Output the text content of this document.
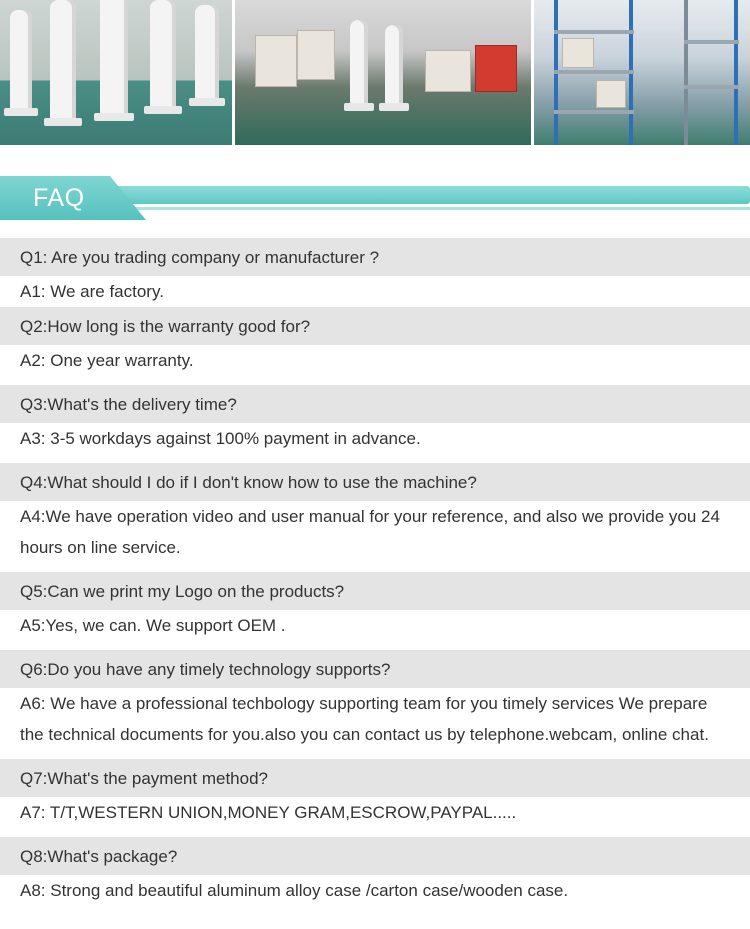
FAQ
Q1: Are you trading company or manufacturer ?
A1: We are factory.
Q2:How long is the warranty good for?
A2: One year warranty.
Q3:What's the delivery time?
A3: 3-5 workdays against 100% payment in advance.
Q4:What should I do if I don't know how to use the machine?
A4:We have operation video and user manual for your reference, and also we provide you 24 hours on line service.
Q5:Can we print my Logo on the products?
A5:Yes, we can. We support OEM .
Q6:Do you have any timely technology supports?
A6: We have a professional techbology supporting team for you timely services We prepare the technical documents for you.also you can contact us by telephone.webcam, online chat.
Q7:What's the payment method?
A7: T/T,WESTERN UNION,MONEY GRAM,ESCROW,PAYPAL.....
Q8:What's package?
A8: Strong and beautiful aluminum alloy case /carton case/wooden case.
